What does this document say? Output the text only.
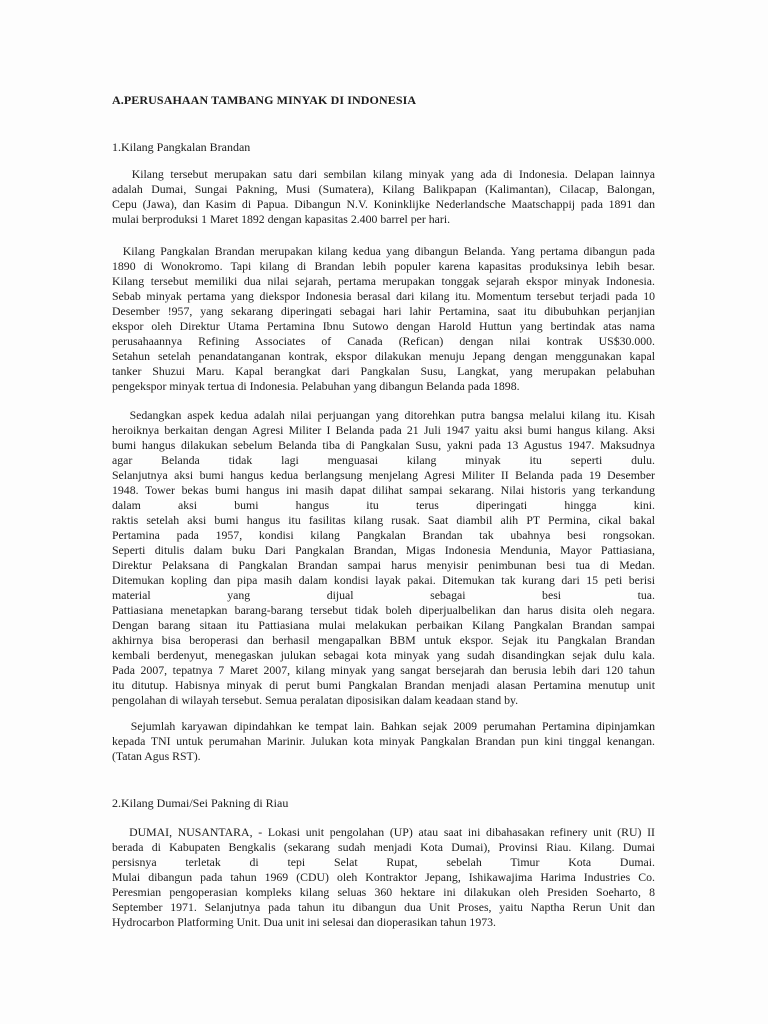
A.PERUSAHAAN TAMBANG MINYAK DI INDONESIA
1.Kilang Pangkalan Brandan
Kilang tersebut merupakan satu dari sembilan kilang minyak yang ada di Indonesia. Delapan lainnya
adalah Dumai, Sungai Pakning, Musi (Sumatera), Kilang Balikpapan (Kalimantan), Cilacap, Balongan,
Cepu (Jawa), dan Kasim di Papua. Dibangun N.V. Koninklijke Nederlandsche Maatschappij pada 1891 dan
mulai berproduksi 1 Maret 1892 dengan kapasitas 2.400 barrel per hari.
Kilang Pangkalan Brandan merupakan kilang kedua yang dibangun Belanda. Yang pertama dibangun pada
1890 di Wonokromo. Tapi kilang di Brandan lebih populer karena kapasitas produksinya lebih besar.
Kilang tersebut memiliki dua nilai sejarah, pertama merupakan tonggak sejarah ekspor minyak Indonesia.
Sebab minyak pertama yang diekspor Indonesia berasal dari kilang itu. Momentum tersebut terjadi pada 10
Desember !957, yang sekarang diperingati sebagai hari lahir Pertamina, saat itu dibubuhkan perjanjian
ekspor oleh Direktur Utama Pertamina Ibnu Sutowo dengan Harold Huttun yang bertindak atas nama
perusahaannya Refining Associates of Canada (Refican) dengan nilai kontrak US$30.000.
Setahun setelah penandatanganan kontrak, ekspor dilakukan menuju Jepang dengan menggunakan kapal
tanker Shuzui Maru. Kapal berangkat dari Pangkalan Susu, Langkat, yang merupakan pelabuhan
pengekspor minyak tertua di Indonesia. Pelabuhan yang dibangun Belanda pada 1898.
Sedangkan aspek kedua adalah nilai perjuangan yang ditorehkan putra bangsa melalui kilang itu. Kisah
heroiknya berkaitan dengan Agresi Militer I Belanda pada 21 Juli 1947 yaitu aksi bumi hangus kilang. Aksi
bumi hangus dilakukan sebelum Belanda tiba di Pangkalan Susu, yakni pada 13 Agustus 1947. Maksudnya
agar Belanda tidak lagi menguasai kilang minyak itu seperti dulu.
Selanjutnya aksi bumi hangus kedua berlangsung menjelang Agresi Militer II Belanda pada 19 Desember
1948. Tower bekas bumi hangus ini masih dapat dilihat sampai sekarang. Nilai historis yang terkandung
dalam aksi bumi hangus itu terus diperingati hingga kini.
raktis setelah aksi bumi hangus itu fasilitas kilang rusak. Saat diambil alih PT Permina, cikal bakal
Pertamina pada 1957, kondisi kilang Pangkalan Brandan tak ubahnya besi rongsokan.
Seperti ditulis dalam buku Dari Pangkalan Brandan, Migas Indonesia Mendunia, Mayor Pattiasiana,
Direktur Pelaksana di Pangkalan Brandan sampai harus menyisir penimbunan besi tua di Medan.
Ditemukan kopling dan pipa masih dalam kondisi layak pakai. Ditemukan tak kurang dari 15 peti berisi
material yang dijual sebagai besi tua.
Pattiasiana menetapkan barang-barang tersebut tidak boleh diperjualbelikan dan harus disita oleh negara.
Dengan barang sitaan itu Pattiasiana mulai melakukan perbaikan Kilang Pangkalan Brandan sampai
akhirnya bisa beroperasi dan berhasil mengapalkan BBM untuk ekspor. Sejak itu Pangkalan Brandan
kembali berdenyut, menegaskan julukan sebagai kota minyak yang sudah disandingkan sejak dulu kala.
Pada 2007, tepatnya 7 Maret 2007, kilang minyak yang sangat bersejarah dan berusia lebih dari 120 tahun
itu ditutup. Habisnya minyak di perut bumi Pangkalan Brandan menjadi alasan Pertamina menutup unit
pengolahan di wilayah tersebut. Semua peralatan diposisikan dalam keadaan stand by.
Sejumlah karyawan dipindahkan ke tempat lain. Bahkan sejak 2009 perumahan Pertamina dipinjamkan
kepada TNI untuk perumahan Marinir. Julukan kota minyak Pangkalan Brandan pun kini tinggal kenangan.
(Tatan Agus RST).
2.Kilang Dumai/Sei Pakning di Riau
DUMAI, NUSANTARA, - Lokasi unit pengolahan (UP) atau saat ini dibahasakan refinery unit (RU) II
berada di Kabupaten Bengkalis (sekarang sudah menjadi Kota Dumai), Provinsi Riau. Kilang. Dumai
persisnya terletak di tepi Selat Rupat, sebelah Timur Kota Dumai.
Mulai dibangun pada tahun 1969 (CDU) oleh Kontraktor Jepang, Ishikawajima Harima Industries Co.
Peresmian pengoperasian kompleks kilang seluas 360 hektare ini dilakukan oleh Presiden Soeharto, 8
September 1971. Selanjutnya pada tahun itu dibangun dua Unit Proses, yaitu Naptha Rerun Unit dan
Hydrocarbon Platforming Unit. Dua unit ini selesai dan dioperasikan tahun 1973.
